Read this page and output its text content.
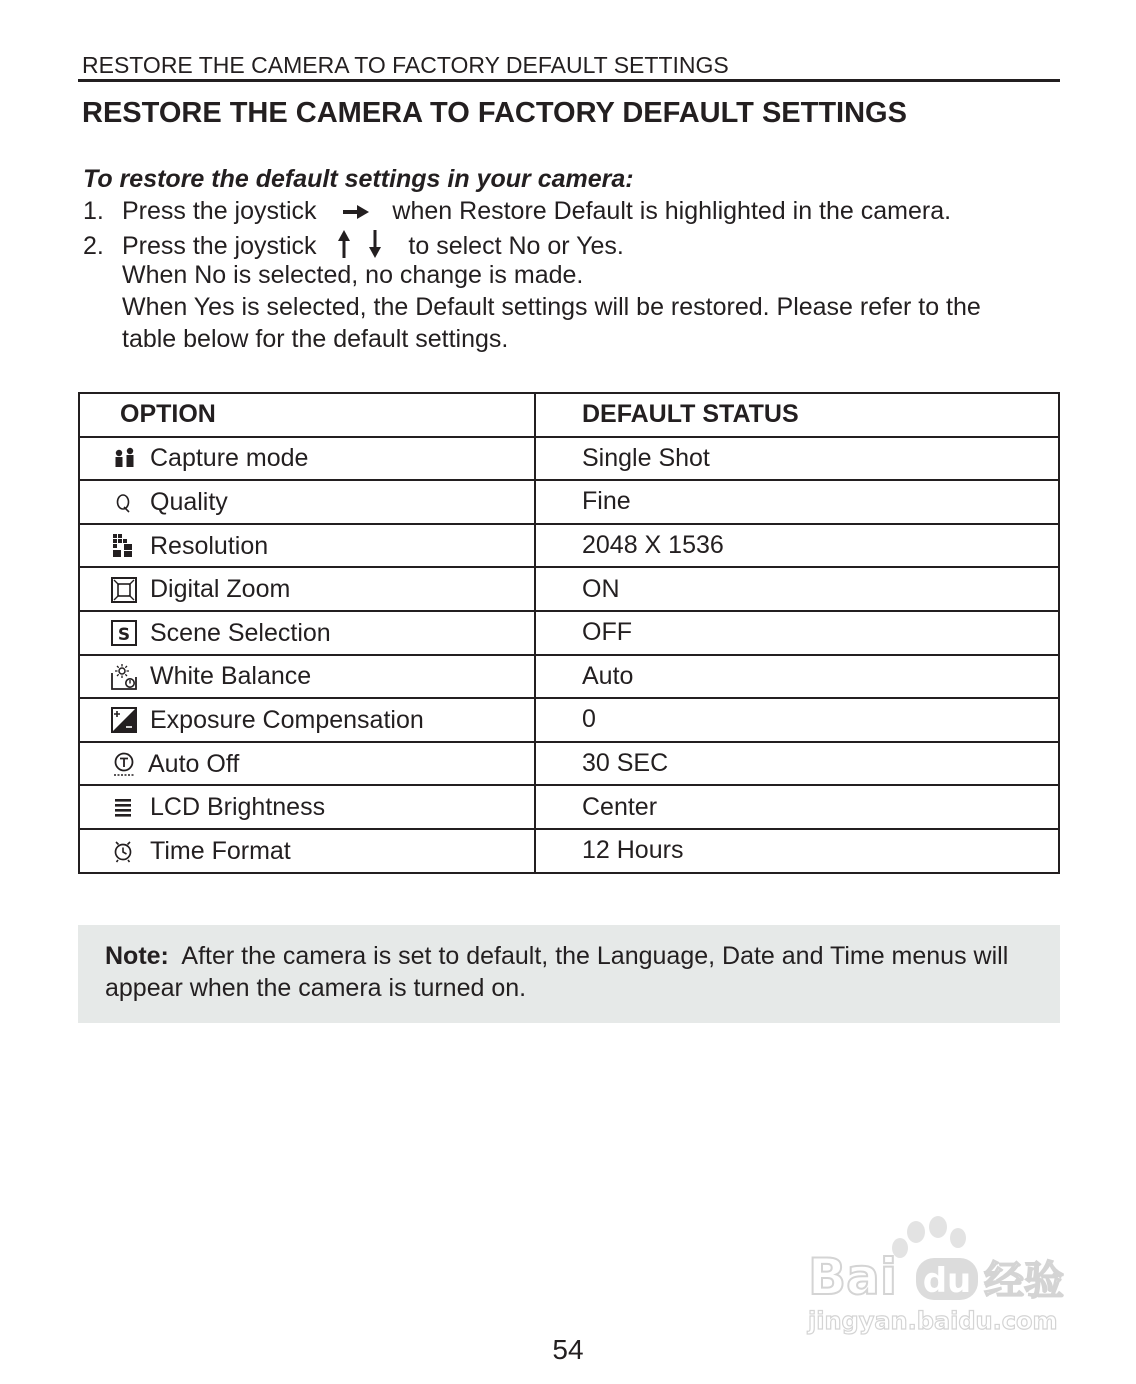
RESTORE THE CAMERA TO FACTORY DEFAULT SETTINGS
RESTORE THE CAMERA TO FACTORY DEFAULT SETTINGS
To restore the default settings in your camera:
1. Press the joystick	when Restore Default is highlighted in the camera.
2. Press the joystick	to select No or Yes.
When No is selected, no change is made.
When Yes is selected, the Default settings will be restored. Please refer to the
table below for the default settings.
OPTION	DEFAULT STATUS

Capture mode	Single Shot

Quality	Fine

Resolution	2048 X 1536

Digital Zoom	ON

S Scene Selection	OFF

White Balance	Auto

Exposure Compensation	0

Auto Off	30 SEC

LCD Brightness	Center

Time Format	12 Hours
Note: After the camera is set to default, the Language, Date and Time menus will appear when the camera is turned on.
Bai du 经验
jingyan.baidu.com
54
